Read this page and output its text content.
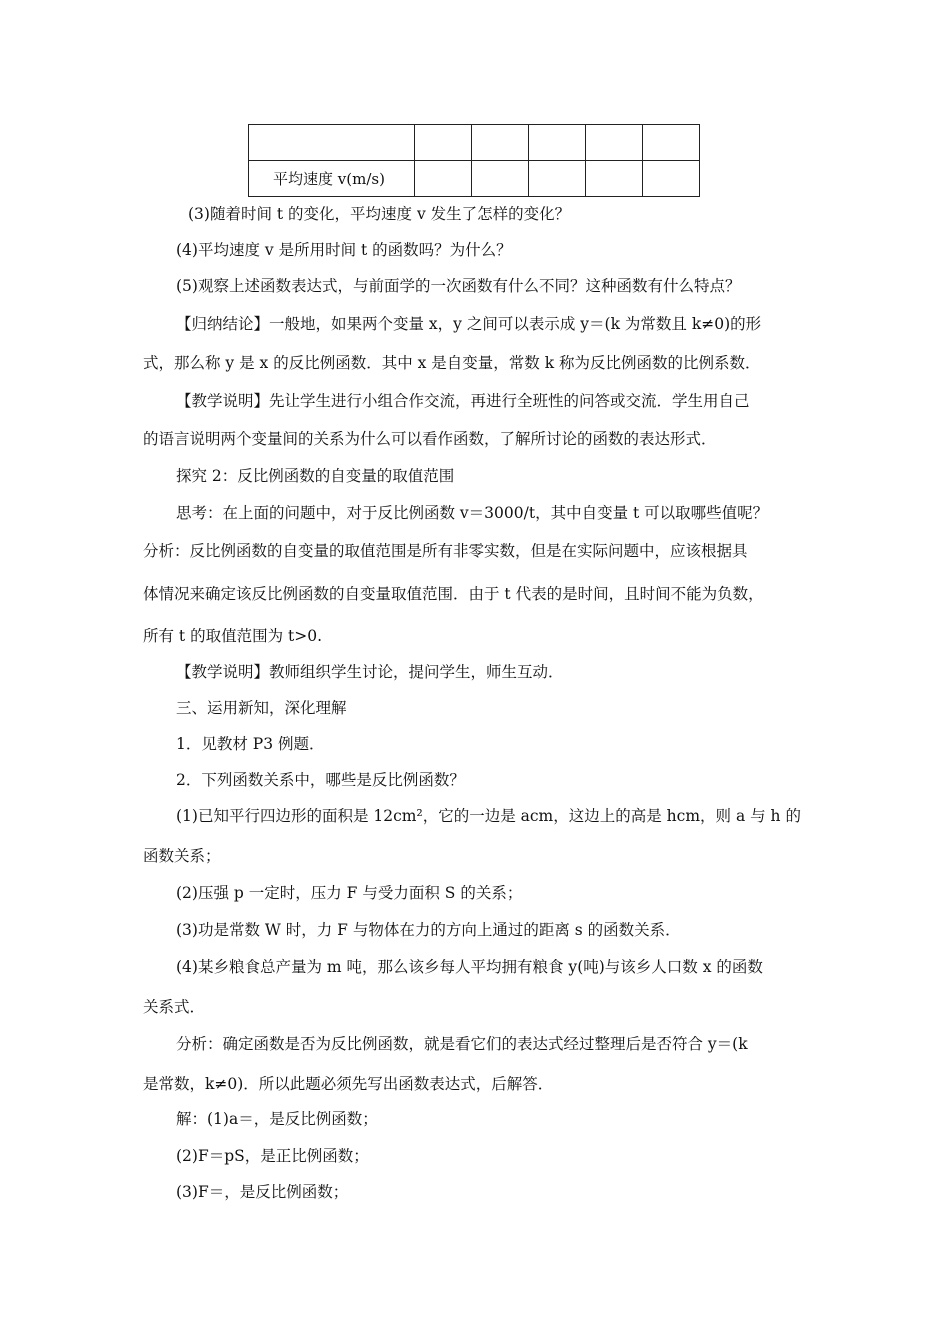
平均速度 v(m/s)					
(3)随着时间 t 的变化，平均速度 v 发生了怎样的变化？
(4)平均速度 v 是所用时间 t 的函数吗？为什么？
(5)观察上述函数表达式，与前面学的一次函数有什么不同？这种函数有什么特点？
【归纳结论】一般地，如果两个变量 x，y 之间可以表示成 y＝(k 为常数且 k≠0)的形
式，那么称 y 是 x 的反比例函数．其中 x 是自变量，常数 k 称为反比例函数的比例系数．
【教学说明】先让学生进行小组合作交流，再进行全班性的问答或交流．学生用自己
的语言说明两个变量间的关系为什么可以看作函数，了解所讨论的函数的表达形式．
探究 2：反比例函数的自变量的取值范围
思考：在上面的问题中，对于反比例函数 v＝3000/t，其中自变量 t 可以取哪些值呢？
分析：反比例函数的自变量的取值范围是所有非零实数，但是在实际问题中，应该根据具
体情况来确定该反比例函数的自变量取值范围．由于 t 代表的是时间，且时间不能为负数，
所有 t 的取值范围为 t>0.
【教学说明】教师组织学生讨论，提问学生，师生互动．
三、运用新知，深化理解
1．见教材 P3 例题．
2．下列函数关系中，哪些是反比例函数？
(1)已知平行四边形的面积是 12cm²，它的一边是 acm，这边上的高是 hcm，则 a 与 h 的
函数关系；
(2)压强 p 一定时，压力 F 与受力面积 S 的关系；
(3)功是常数 W 时，力 F 与物体在力的方向上通过的距离 s 的函数关系．
(4)某乡粮食总产量为 m 吨，那么该乡每人平均拥有粮食 y(吨)与该乡人口数 x 的函数
关系式．
分析：确定函数是否为反比例函数，就是看它们的表达式经过整理后是否符合 y＝(k
是常数，k≠0)．所以此题必须先写出函数表达式，后解答．
解：(1)a＝，是反比例函数；
(2)F＝pS，是正比例函数；
(3)F＝，是反比例函数；
